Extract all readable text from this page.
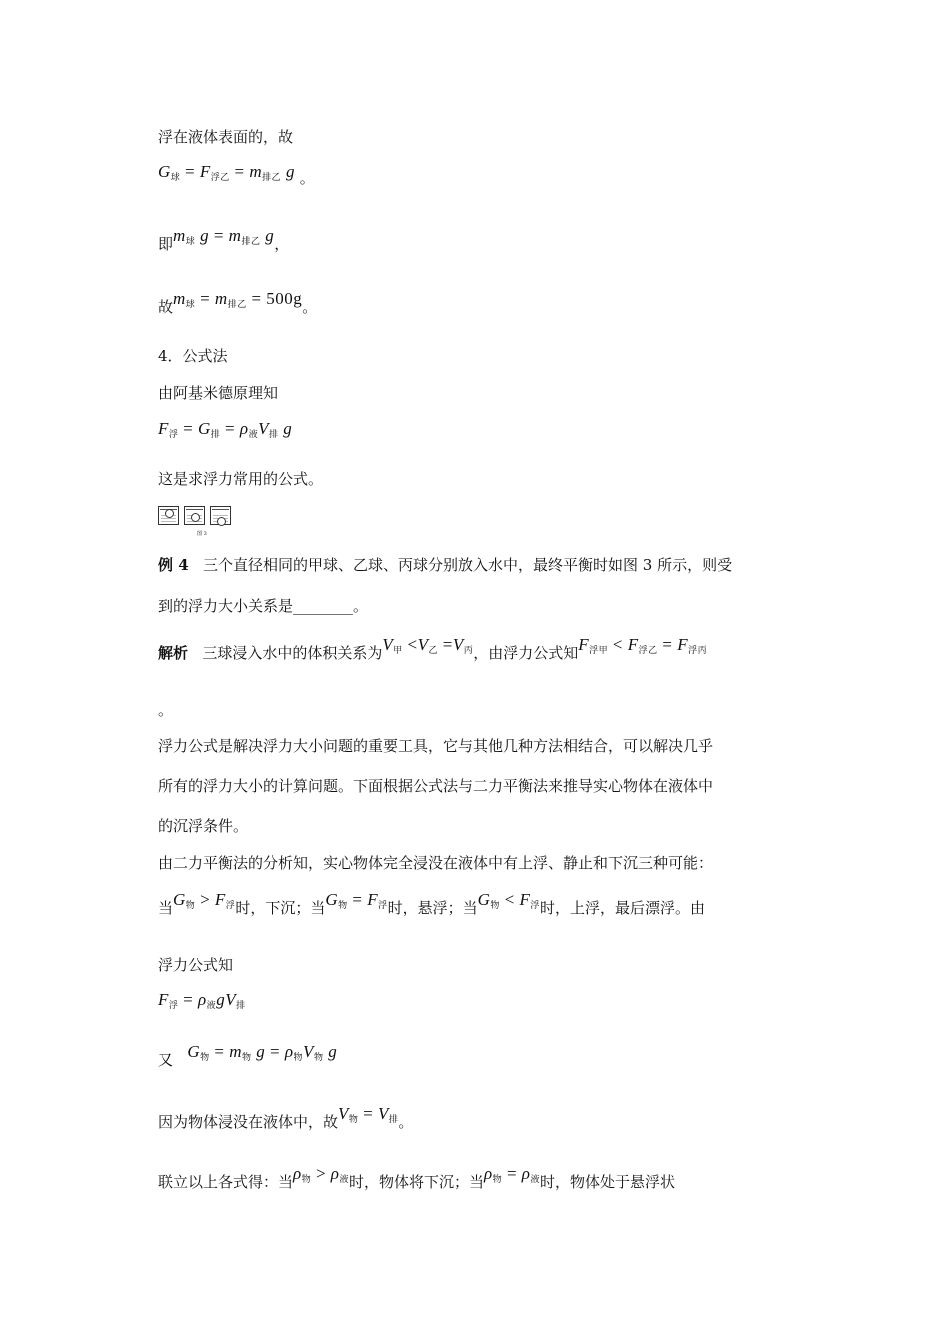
浮在液体表面的，故
$G_球 = F_{浮乙} = m_{排乙}$ g 。
即$m_球$ $g = m_{排乙}$ g，
故$m_球 = m_{排乙} = 500g$。
4．公式法
由阿基米德原理知
$F_浮 = G_排 = \rho_液V_排$ g
这是求浮力常用的公式。
图 3
例 4 三个直径相同的甲球、乙球、丙球分别放入水中，最终平衡时如图 3 所示，则受
到的浮力大小关系是________。
解析 三球浸入水中的体积关系为$V_甲 <V_乙 =V_丙$，由浮力公式知$F_{浮甲} < F_{浮乙} = F_{浮丙}$
。
浮力公式是解决浮力大小问题的重要工具，它与其他几种方法相结合，可以解决几乎
所有的浮力大小的计算问题。下面根据公式法与二力平衡法来推导实心物体在液体中
的沉浮条件。
由二力平衡法的分析知，实心物体完全浸没在液体中有上浮、静止和下沉三种可能：
当$G_物 > F_浮$时，下沉；当$G_物 = F_浮$时，悬浮；当$G_物 < F_浮$时，上浮，最后漂浮。由
浮力公式知
$F_浮 = \rho_液gV_排$
又 $G_物 = m_物$ $g = \rho_物V_物$ g
因为物体浸没在液体中，故$V_物 = V_排$。
联立以上各式得：当$\rho_物 > \rho_液$时，物体将下沉；当$\rho_物 = \rho_液$时，物体处于悬浮状
